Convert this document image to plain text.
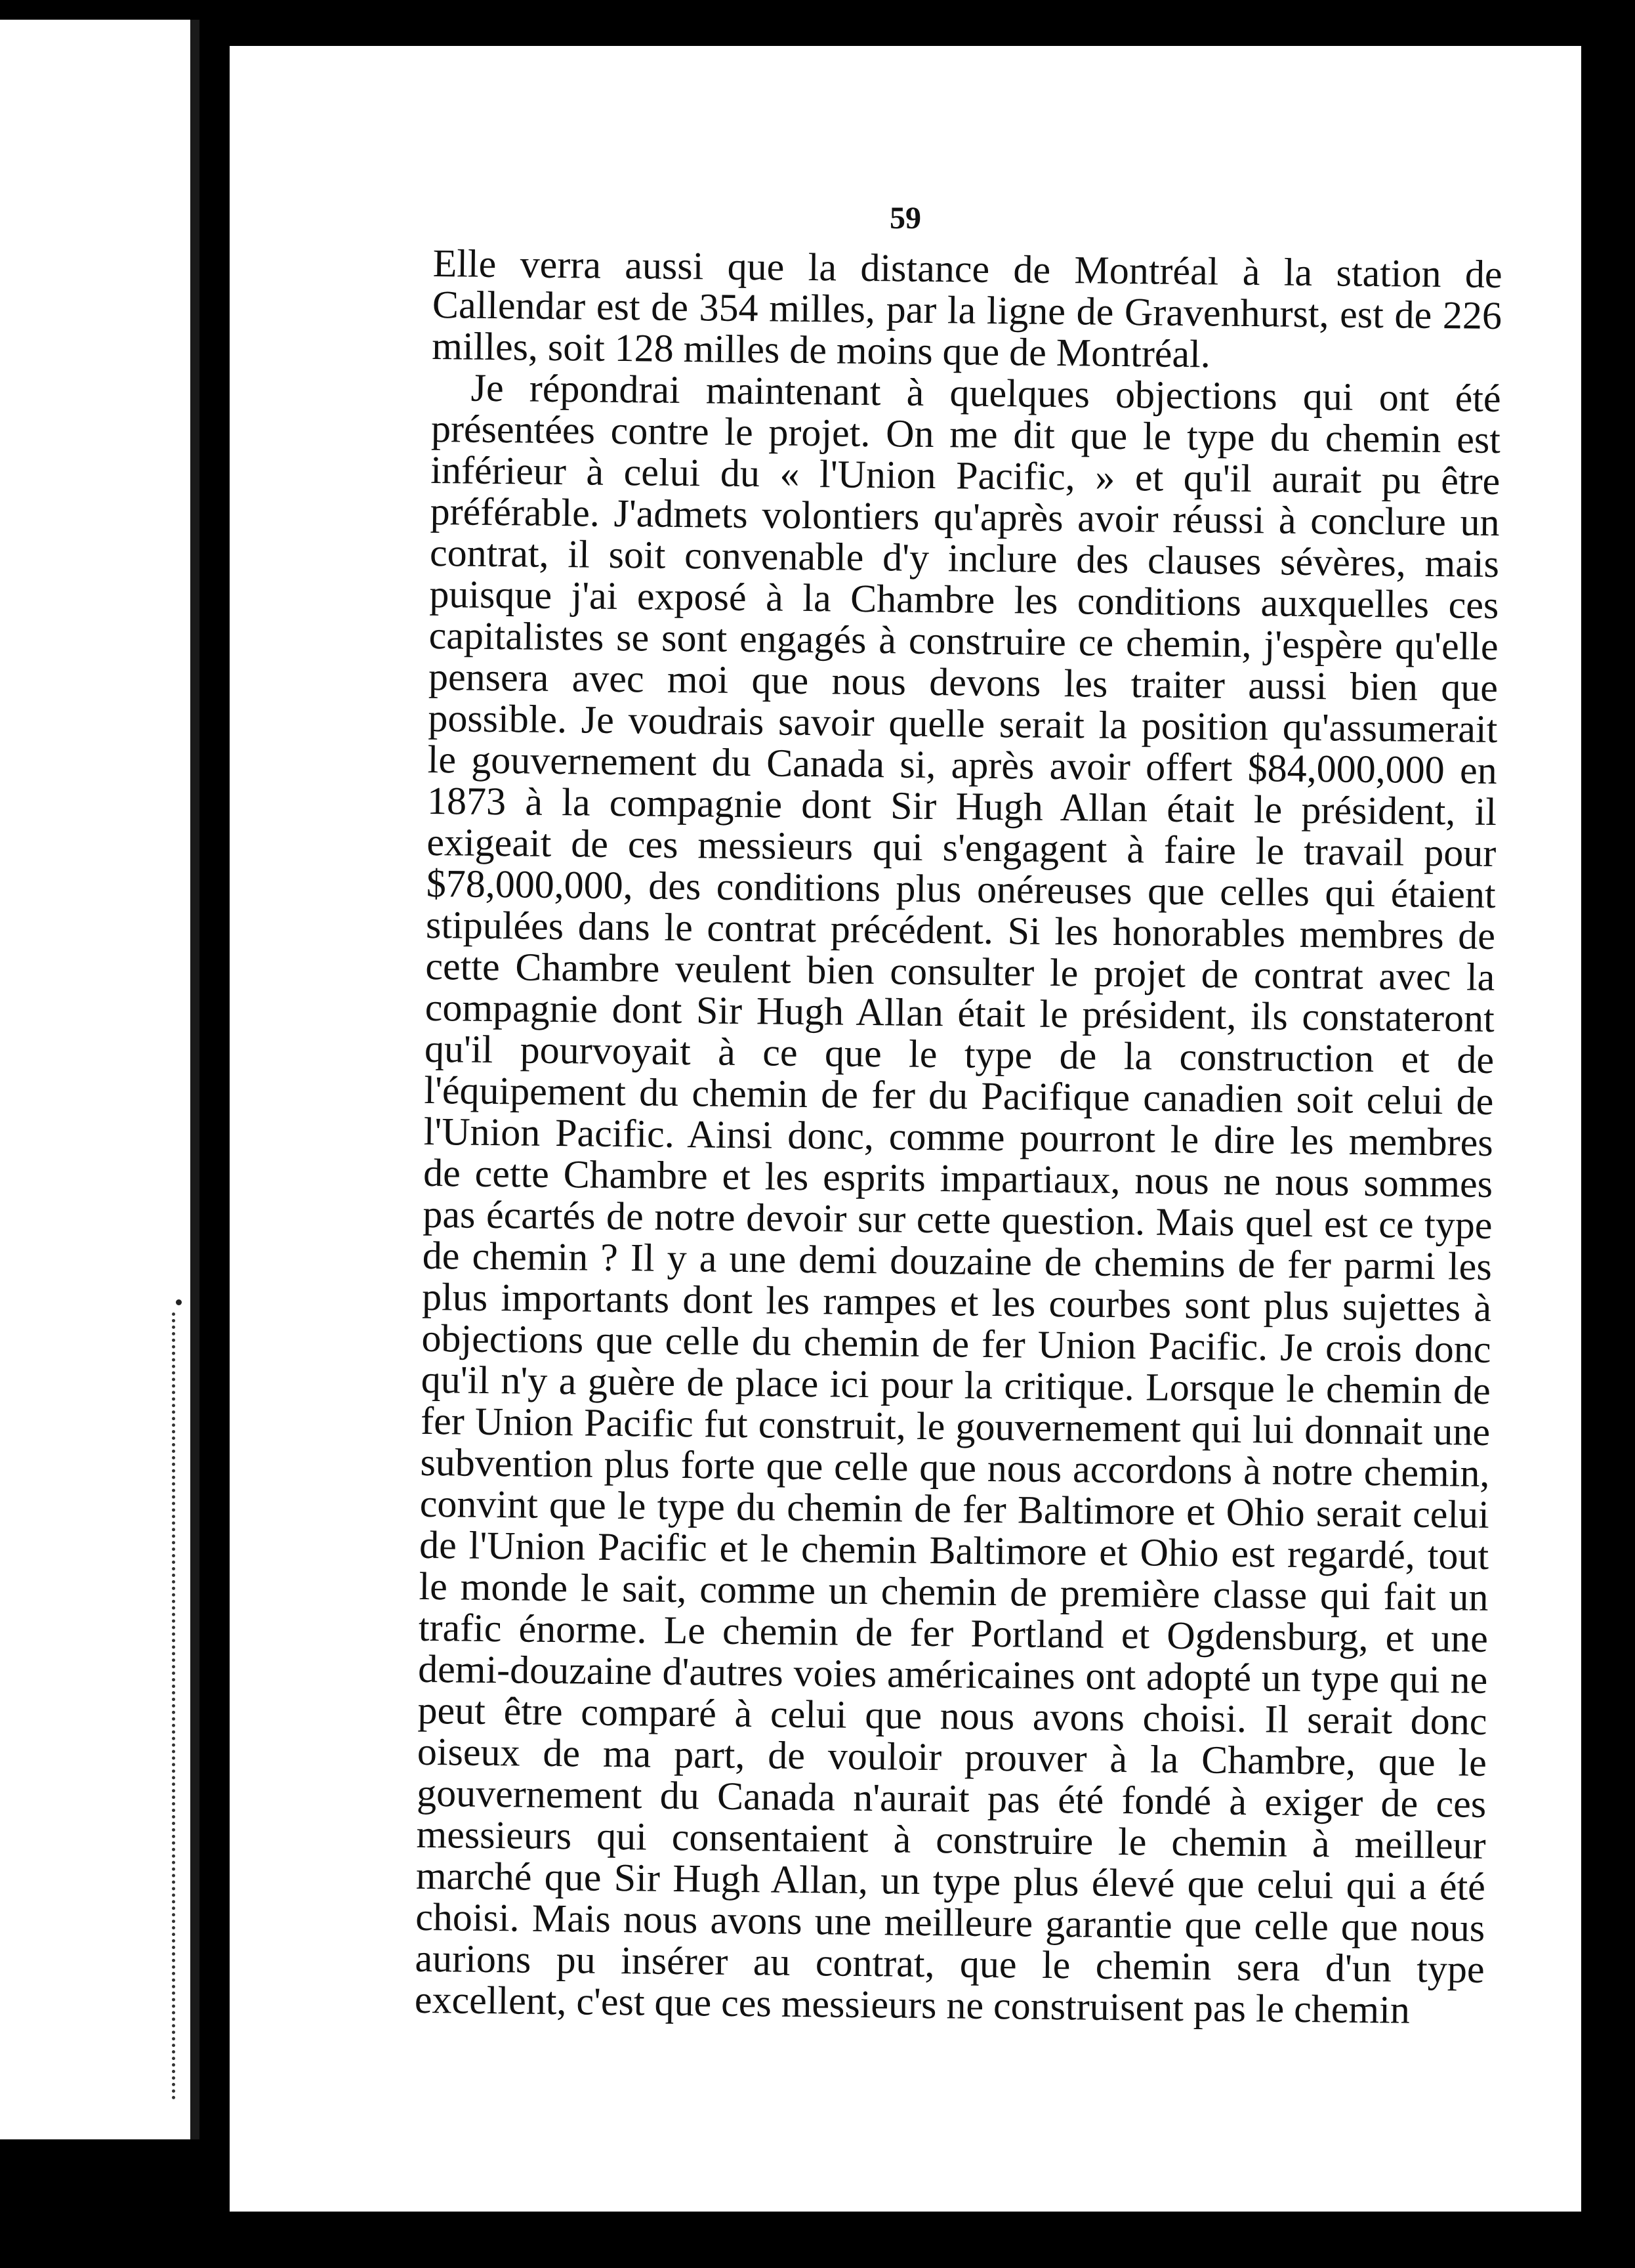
59

Elle verra aussi que la distance de Montréal à la station de Callendar est de 354 milles, par la ligne de Gravenhurst, est de 226 milles, soit 128 milles de moins que de Montréal.

Je répondrai maintenant à quelques objections qui ont été présentées contre le projet. On me dit que le type du chemin est inférieur à celui du « l'Union Pacific, » et qu'il aurait pu être préférable. J'admets volontiers qu'après avoir réussi à conclure un contrat, il soit convenable d'y inclure des clauses sévères, mais puisque j'ai exposé à la Chambre les conditions auxquelles ces capitalistes se sont engagés à construire ce chemin, j'espère qu'elle pensera avec moi que nous devons les traiter aussi bien que possible. Je voudrais savoir quelle serait la position qu'assumerait le gouvernement du Canada si, après avoir offert $84,000,000 en 1873 à la compagnie dont Sir Hugh Allan était le président, il exigeait de ces messieurs qui s'engagent à faire le travail pour $78,000,000, des conditions plus onéreuses que celles qui étaient stipulées dans le contrat précédent. Si les honorables membres de cette Chambre veulent bien consulter le projet de contrat avec la compagnie dont Sir Hugh Allan était le président, ils constateront qu'il pourvoyait à ce que le type de la construction et de l'équipement du chemin de fer du Pacifique canadien soit celui de l'Union Pacific. Ainsi donc, comme pourront le dire les membres de cette Chambre et les esprits impartiaux, nous ne nous sommes pas écartés de notre devoir sur cette question. Mais quel est ce type de chemin ? Il y a une demi douzaine de chemins de fer parmi les plus importants dont les rampes et les courbes sont plus sujettes à objections que celle du chemin de fer Union Pacific. Je crois donc qu'il n'y a guère de place ici pour la critique. Lorsque le chemin de fer Union Pacific fut construit, le gouvernement qui lui donnait une subvention plus forte que celle que nous accordons à notre chemin, convint que le type du chemin de fer Baltimore et Ohio serait celui de l'Union Pacific et le chemin Baltimore et Ohio est regardé, tout le monde le sait, comme un chemin de première classe qui fait un trafic énorme. Le chemin de fer Portland et Ogdensburg, et une demi-douzaine d'autres voies américaines ont adopté un type qui ne peut être comparé à celui que nous avons choisi. Il serait donc oiseux de ma part, de vouloir prouver à la Chambre, que le gouvernement du Canada n'aurait pas été fondé à exiger de ces messieurs qui consentaient à construire le chemin à meilleur marché que Sir Hugh Allan, un type plus élevé que celui qui a été choisi. Mais nous avons une meilleure garantie que celle que nous aurions pu insérer au contrat, que le chemin sera d'un type excellent, c'est que ces messieurs ne construisent pas le chemin
